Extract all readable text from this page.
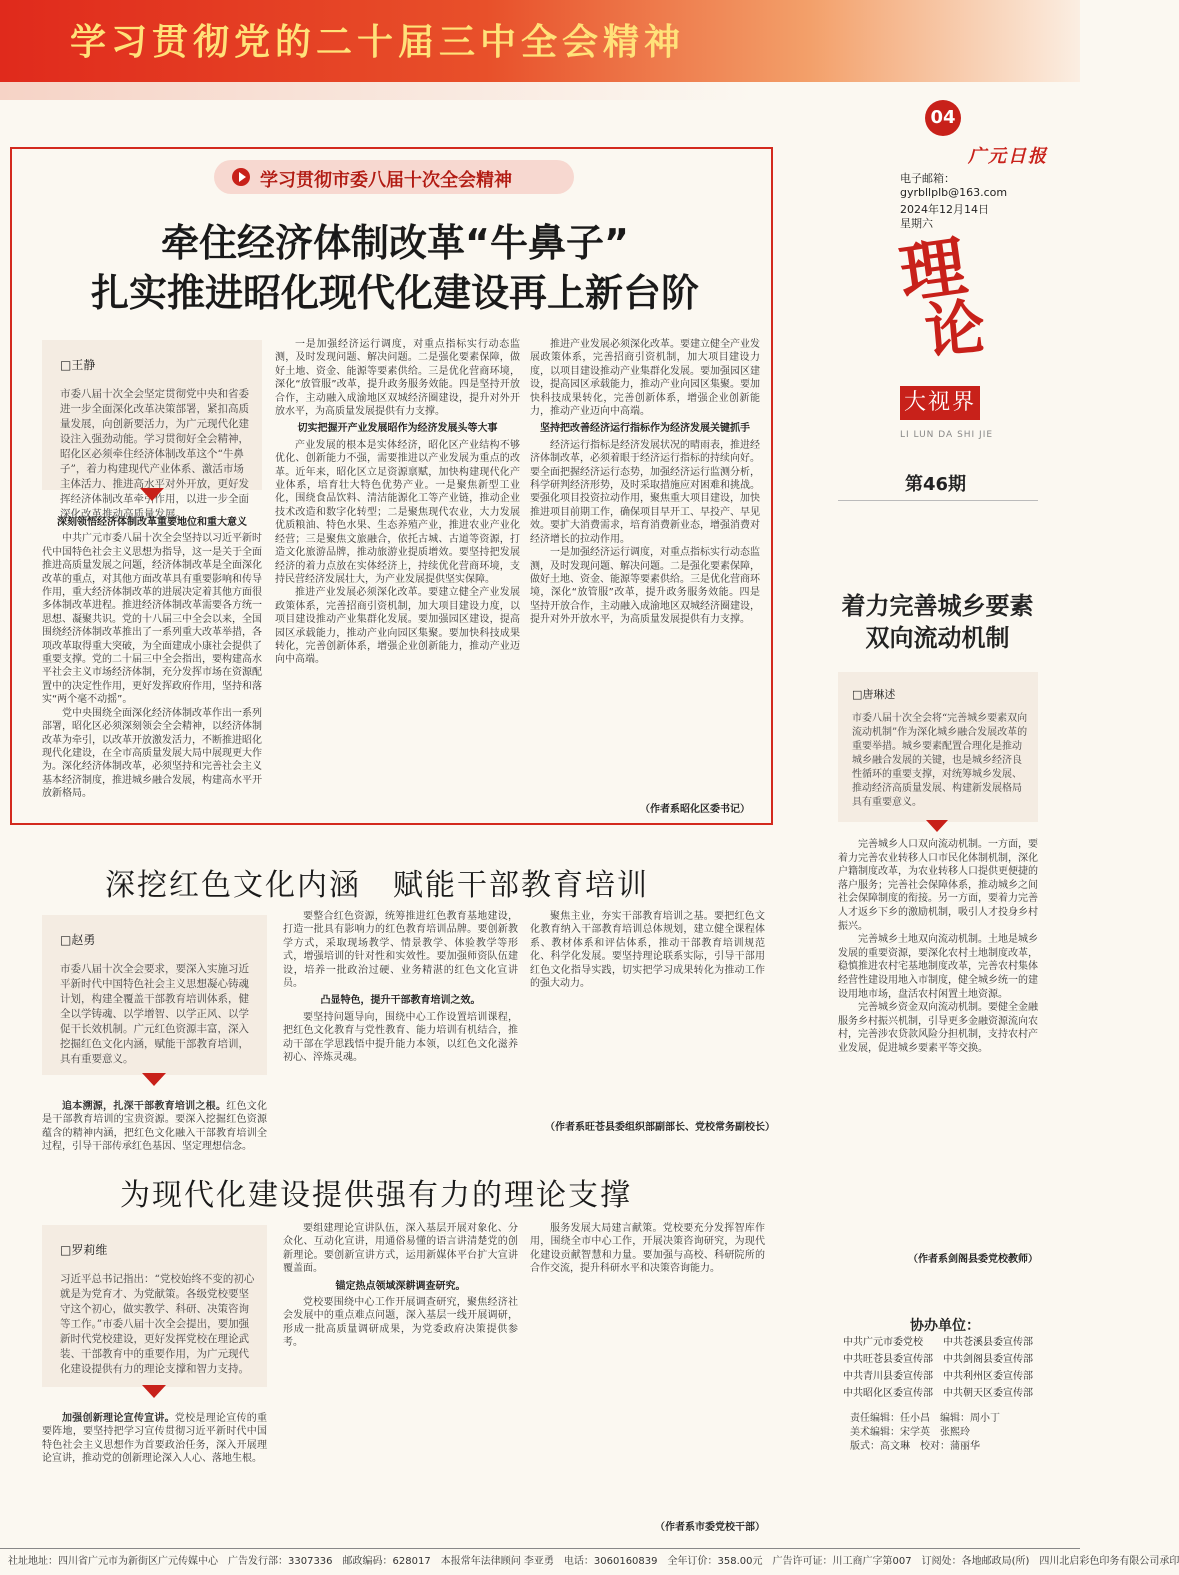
学习贯彻党的二十届三中全会精神
04
广元日报
电子邮箱：
gyrbllplb@163.com
2024年12月14日
星期六
理
论
大视界
LI LUN DA SHI JIE
第46期
学习贯彻市委八届十次全会精神
牵住经济体制改革“牛鼻子”
扎实推进昭化现代化建设再上新台阶
□王静
市委八届十次全会坚定贯彻党中央和省委进一步全面深化改革决策部署，紧扣高质量发展，向创新要活力，为广元现代化建设注入强劲动能。学习贯彻好全会精神，昭化区必须牵住经济体制改革这个“牛鼻子”，着力构建现代产业体系、激活市场主体活力、推进高水平对外开放，更好发挥经济体制改革牵引作用，以进一步全面深化改革推动高质量发展。

深刻领悟经济体制改革重要地位和重大意义

中共广元市委八届十次全会坚持以习近平新时代中国特色社会主义思想为指导，这一是关于全面推进高质量发展之问题，经济体制改革是全面深化改革的重点，对其他方面改革具有重要影响和传导作用，重大经济体制改革的进展决定着其他方面很多体制改革进程。推进经济体制改革需要各方统一思想、凝聚共识。党的十八届三中全会以来，全国围绕经济体制改革推出了一系列重大改革举措，各项改革取得重大突破，为全面建成小康社会提供了重要支撑。党的二十届三中全会指出，要构建高水平社会主义市场经济体制，充分发挥市场在资源配置中的决定性作用，更好发挥政府作用，坚持和落实“两个毫不动摇”。

党中央围绕全面深化经济体制改革作出一系列部署，昭化区必须深刻领会全会精神，以经济体制改革为牵引，以改革开放激发活力，不断推进昭化现代化建设，在全市高质量发展大局中展现更大作为。深化经济体制改革，必须坚持和完善社会主义基本经济制度，推进城乡融合发展，构建高水平开放新格局。

一是加强经济运行调度，对重点指标实行动态监测，及时发现问题、解决问题。二是强化要素保障，做好土地、资金、能源等要素供给。三是优化营商环境，深化“放管服”改革，提升政务服务效能。四是坚持开放合作，主动融入成渝地区双城经济圈建设，提升对外开放水平，为高质量发展提供有力支撑。

切实把握开产业发展昭作为经济发展头等大事

产业发展的根本是实体经济，昭化区产业结构不够优化、创新能力不强，需要推进以产业发展为重点的改革。近年来，昭化区立足资源禀赋，加快构建现代化产业体系，培育壮大特色优势产业。一是聚焦新型工业化，围绕食品饮料、清洁能源化工等产业链，推动企业技术改造和数字化转型；二是聚焦现代农业，大力发展优质粮油、特色水果、生态养殖产业，推进农业产业化经营；三是聚焦文旅融合，依托古城、古道等资源，打造文化旅游品牌，推动旅游业提质增效。要坚持把发展经济的着力点放在实体经济上，持续优化营商环境，支持民营经济发展壮大，为产业发展提供坚实保障。

推进产业发展必须深化改革。要建立健全产业发展政策体系，完善招商引资机制，加大项目建设力度，以项目建设推动产业集群化发展。要加强园区建设，提高园区承载能力，推动产业向园区集聚。要加快科技成果转化，完善创新体系，增强企业创新能力，推动产业迈向中高端。

推进产业发展必须深化改革。要建立健全产业发展政策体系，完善招商引资机制，加大项目建设力度，以项目建设推动产业集群化发展。要加强园区建设，提高园区承载能力，推动产业向园区集聚。要加快科技成果转化，完善创新体系，增强企业创新能力，推动产业迈向中高端。

坚持把改善经济运行指标作为经济发展关键抓手

经济运行指标是经济发展状况的晴雨表，推进经济体制改革，必须着眼于经济运行指标的持续向好。要全面把握经济运行态势，加强经济运行监测分析，科学研判经济形势，及时采取措施应对困难和挑战。要强化项目投资拉动作用，聚焦重大项目建设，加快推进项目前期工作，确保项目早开工、早投产、早见效。要扩大消费需求，培育消费新业态，增强消费对经济增长的拉动作用。

一是加强经济运行调度，对重点指标实行动态监测，及时发现问题、解决问题。二是强化要素保障，做好土地、资金、能源等要素供给。三是优化营商环境，深化“放管服”改革，提升政务服务效能。四是坚持开放合作，主动融入成渝地区双城经济圈建设，提升对外开放水平，为高质量发展提供有力支撑。

（作者系昭化区委书记）
深挖红色文化内涵　赋能干部教育培训
□赵勇
市委八届十次全会要求，要深入实施习近平新时代中国特色社会主义思想凝心铸魂计划，构建全覆盖干部教育培训体系，健全以学铸魂、以学增智、以学正风、以学促干长效机制。广元红色资源丰富，深入挖掘红色文化内涵，赋能干部教育培训，具有重要意义。

追本溯源，扎深干部教育培训之根。红色文化是干部教育培训的宝贵资源。要深入挖掘红色资源蕴含的精神内涵，把红色文化融入干部教育培训全过程，引导干部传承红色基因、坚定理想信念。

要整合红色资源，统筹推进红色教育基地建设，打造一批具有影响力的红色教育培训品牌。要创新教学方式，采取现场教学、情景教学、体验教学等形式，增强培训的针对性和实效性。要加强师资队伍建设，培养一批政治过硬、业务精湛的红色文化宣讲员。

凸显特色，提升干部教育培训之效。

要坚持问题导向，围绕中心工作设置培训课程，把红色文化教育与党性教育、能力培训有机结合，推动干部在学思践悟中提升能力本领，以红色文化滋养初心、淬炼灵魂。

聚焦主业，夯实干部教育培训之基。要把红色文化教育纳入干部教育培训总体规划，建立健全课程体系、教材体系和评估体系，推动干部教育培训规范化、科学化发展。要坚持理论联系实际，引导干部用红色文化指导实践，切实把学习成果转化为推动工作的强大动力。

（作者系旺苍县委组织部副部长、党校常务副校长）
为现代化建设提供强有力的理论支撑
□罗莉维
习近平总书记指出：“党校始终不变的初心就是为党育才、为党献策。各级党校要坚守这个初心，做实教学、科研、决策咨询等工作。”市委八届十次全会提出，要加强新时代党校建设，更好发挥党校在理论武装、干部教育中的重要作用，为广元现代化建设提供有力的理论支撑和智力支持。

加强创新理论宣传宣讲。党校是理论宣传的重要阵地，要坚持把学习宣传贯彻习近平新时代中国特色社会主义思想作为首要政治任务，深入开展理论宣讲，推动党的创新理论深入人心、落地生根。

要组建理论宣讲队伍，深入基层开展对象化、分众化、互动化宣讲，用通俗易懂的语言讲清楚党的创新理论。要创新宣讲方式，运用新媒体平台扩大宣讲覆盖面。

锚定热点领域深耕调查研究。

党校要围绕中心工作开展调查研究，聚焦经济社会发展中的重点难点问题，深入基层一线开展调研，形成一批高质量调研成果，为党委政府决策提供参考。

服务发展大局建言献策。党校要充分发挥智库作用，围绕全市中心工作，开展决策咨询研究，为现代化建设贡献智慧和力量。要加强与高校、科研院所的合作交流，提升科研水平和决策咨询能力。

（作者系市委党校干部）
着力完善城乡要素
双向流动机制
□唐琳述
市委八届十次全会将“完善城乡要素双向流动机制”作为深化城乡融合发展改革的重要举措。城乡要素配置合理化是推动城乡融合发展的关键，也是城乡经济良性循环的重要支撑，对统筹城乡发展、推动经济高质量发展、构建新发展格局具有重要意义。

完善城乡人口双向流动机制。一方面，要着力完善农业转移人口市民化体制机制，深化户籍制度改革，为农业转移人口提供更便捷的落户服务；完善社会保障体系，推动城乡之间社会保障制度的衔接。另一方面，要着力完善人才返乡下乡的激励机制，吸引人才投身乡村振兴。

完善城乡土地双向流动机制。土地是城乡发展的重要资源，要深化农村土地制度改革，稳慎推进农村宅基地制度改革，完善农村集体经营性建设用地入市制度，健全城乡统一的建设用地市场，盘活农村闲置土地资源。

完善城乡资金双向流动机制。要健全金融服务乡村振兴机制，引导更多金融资源流向农村，完善涉农贷款风险分担机制，支持农村产业发展，促进城乡要素平等交换。

（作者系剑阁县委党校教师）
协办单位：
中共广元市委党校	中共苍溪县委宣传部
中共旺苍县委宣传部	中共剑阁县委宣传部
中共青川县委宣传部	中共利州区委宣传部
中共昭化区委宣传部	中共朝天区委宣传部
责任编辑：任小昌　编辑：周小丁
美术编辑：宋学英　张熙玲
版式：高文琳　校对：蒲丽华
社址地址：四川省广元市为新街区广元传媒中心　广告发行部：3307336　邮政编码：628017　本报常年法律顾问 李亚勇　电话：3060160839　全年订价：358.00元　广告许可证：川工商广字第007　订阅处：各地邮政局(所)　四川北启彩色印务有限公司承印
